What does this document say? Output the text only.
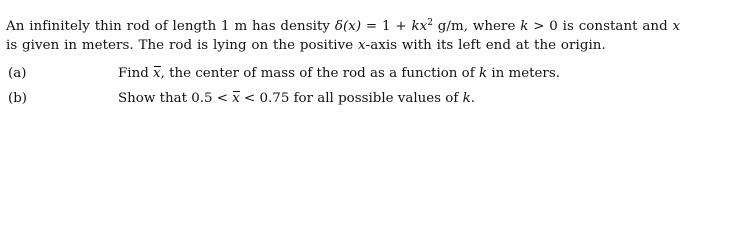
An infinitely thin rod of length 1 m has density $\delta(x) = 1 + kx^2$ g/m, where k > 0 is constant and x
is given in meters. The rod is lying on the positive x-axis with its left end at the origin.
(a)	Find x, the center of mass of the rod as a function of k in meters.
(b)	Show that 0.5 < x < 0.75 for all possible values of k.
